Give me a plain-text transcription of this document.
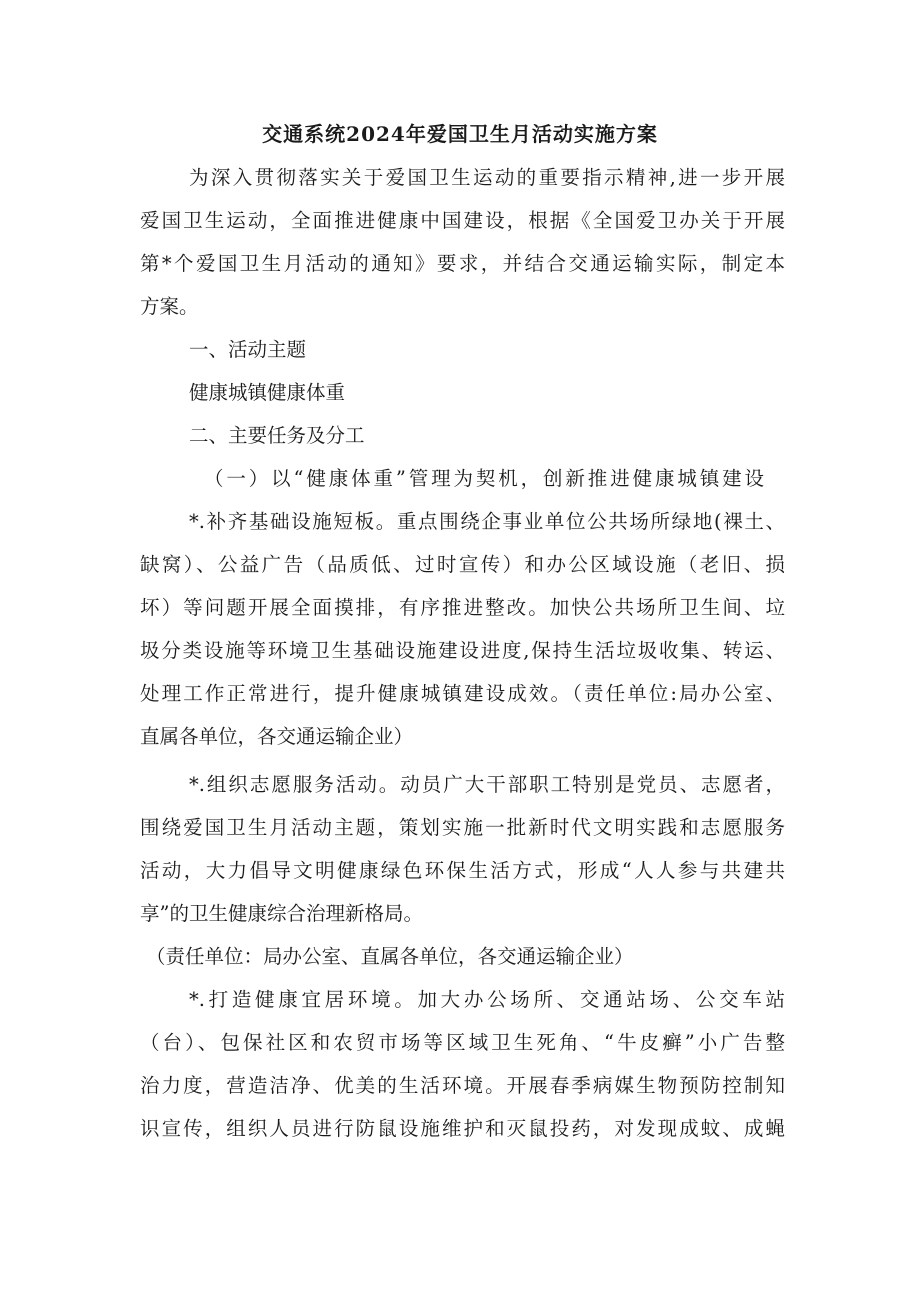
交通系统2024年爱国卫生月活动实施方案
为深入贯彻落实关于爱国卫生运动的重要指示精神,进一步开展
爱国卫生运动，全面推进健康中国建设，根据《全国爱卫办关于开展
第*个爱国卫生月活动的通知》要求，并结合交通运输实际，制定本
方案。
一、活动主题
健康城镇健康体重
二、主要任务及分工
（一）以“健康体重”管理为契机，创新推进健康城镇建设
*.补齐基础设施短板。重点围绕企事业单位公共场所绿地(裸土、
缺窝）、公益广告（品质低、过时宣传）和办公区域设施（老旧、损
坏）等问题开展全面摸排，有序推进整改。加快公共场所卫生间、垃
圾分类设施等环境卫生基础设施建设进度,保持生活垃圾收集、转运、
处理工作正常进行，提升健康城镇建设成效。（责任单位:局办公室、
直属各单位，各交通运输企业）
*.组织志愿服务活动。动员广大干部职工特别是党员、志愿者，
围绕爱国卫生月活动主题，策划实施一批新时代文明实践和志愿服务
活动，大力倡导文明健康绿色环保生活方式，形成“人人参与共建共
享”的卫生健康综合治理新格局。
（责任单位：局办公室、直属各单位，各交通运输企业）
*.打造健康宜居环境。加大办公场所、交通站场、公交车站
（台）、包保社区和农贸市场等区域卫生死角、“牛皮癣”小广告整
治力度，营造洁净、优美的生活环境。开展春季病媒生物预防控制知
识宣传，组织人员进行防鼠设施维护和灭鼠投药，对发现成蚊、成蝇
